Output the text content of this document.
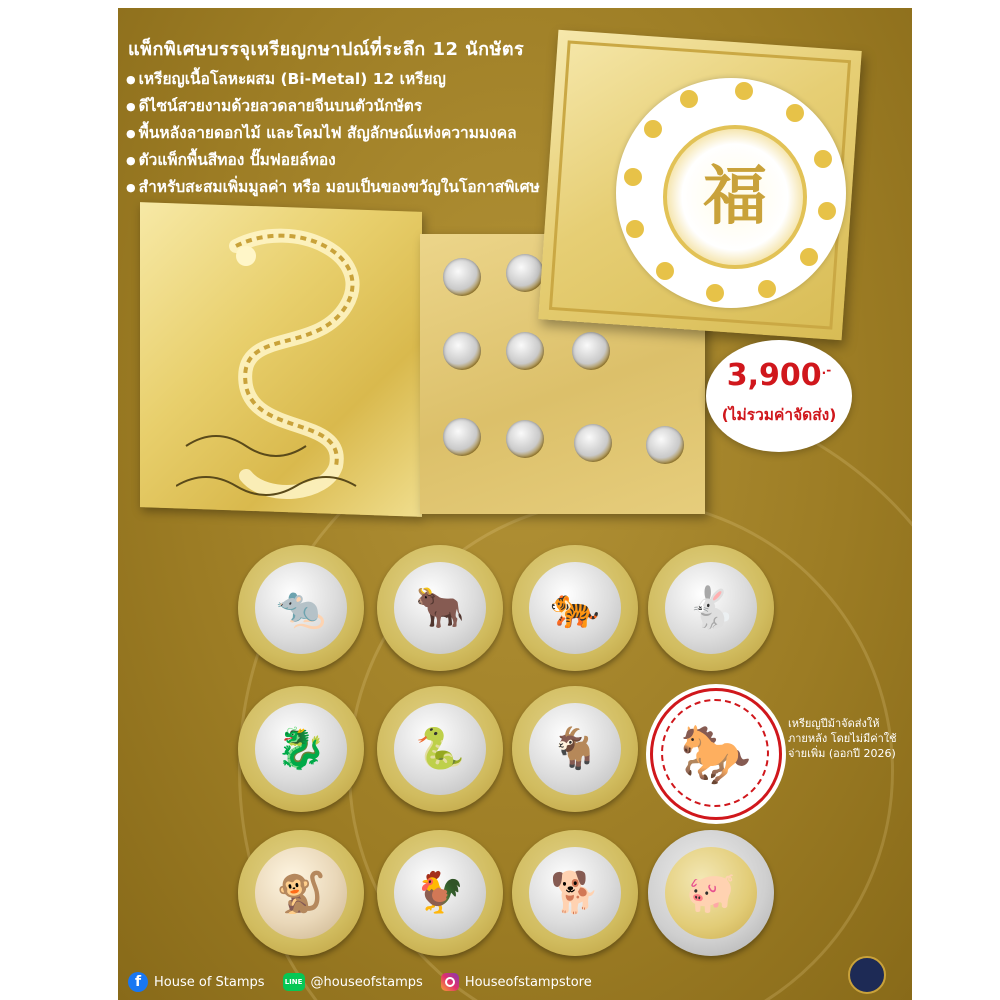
แพ็กพิเศษบรรจุเหรียญกษาปณ์ที่ระลึก 12 นักษัตร
● เหรียญเนื้อโลหะผสม (Bi-Metal) 12 เหรียญ
● ดีไซน์สวยงามด้วยลวดลายจีนบนตัวนักษัตร
● พื้นหลังลายดอกไม้ และโคมไฟ สัญลักษณ์แห่งความมงคล
● ตัวแพ็กพื้นสีทอง ปั๊มฟอยล์ทอง
● สำหรับสะสมเพิ่มมูลค่า หรือ มอบเป็นของขวัญในโอกาสพิเศษ	福
3,900.-
(ไม่รวมค่าจัดส่ง)
🐀	🐂	🐅	🐇
🐉	🐍	🐐	🐎	เหรียญปีม้าจัดส่งให้ภายหลัง โดยไม่มีค่าใช้จ่ายเพิ่ม (ออกปี 2026)
🐒	🐓	🐕	🐖
f House of Stamps	LINE @houseofstamps	Houseofstampstore
